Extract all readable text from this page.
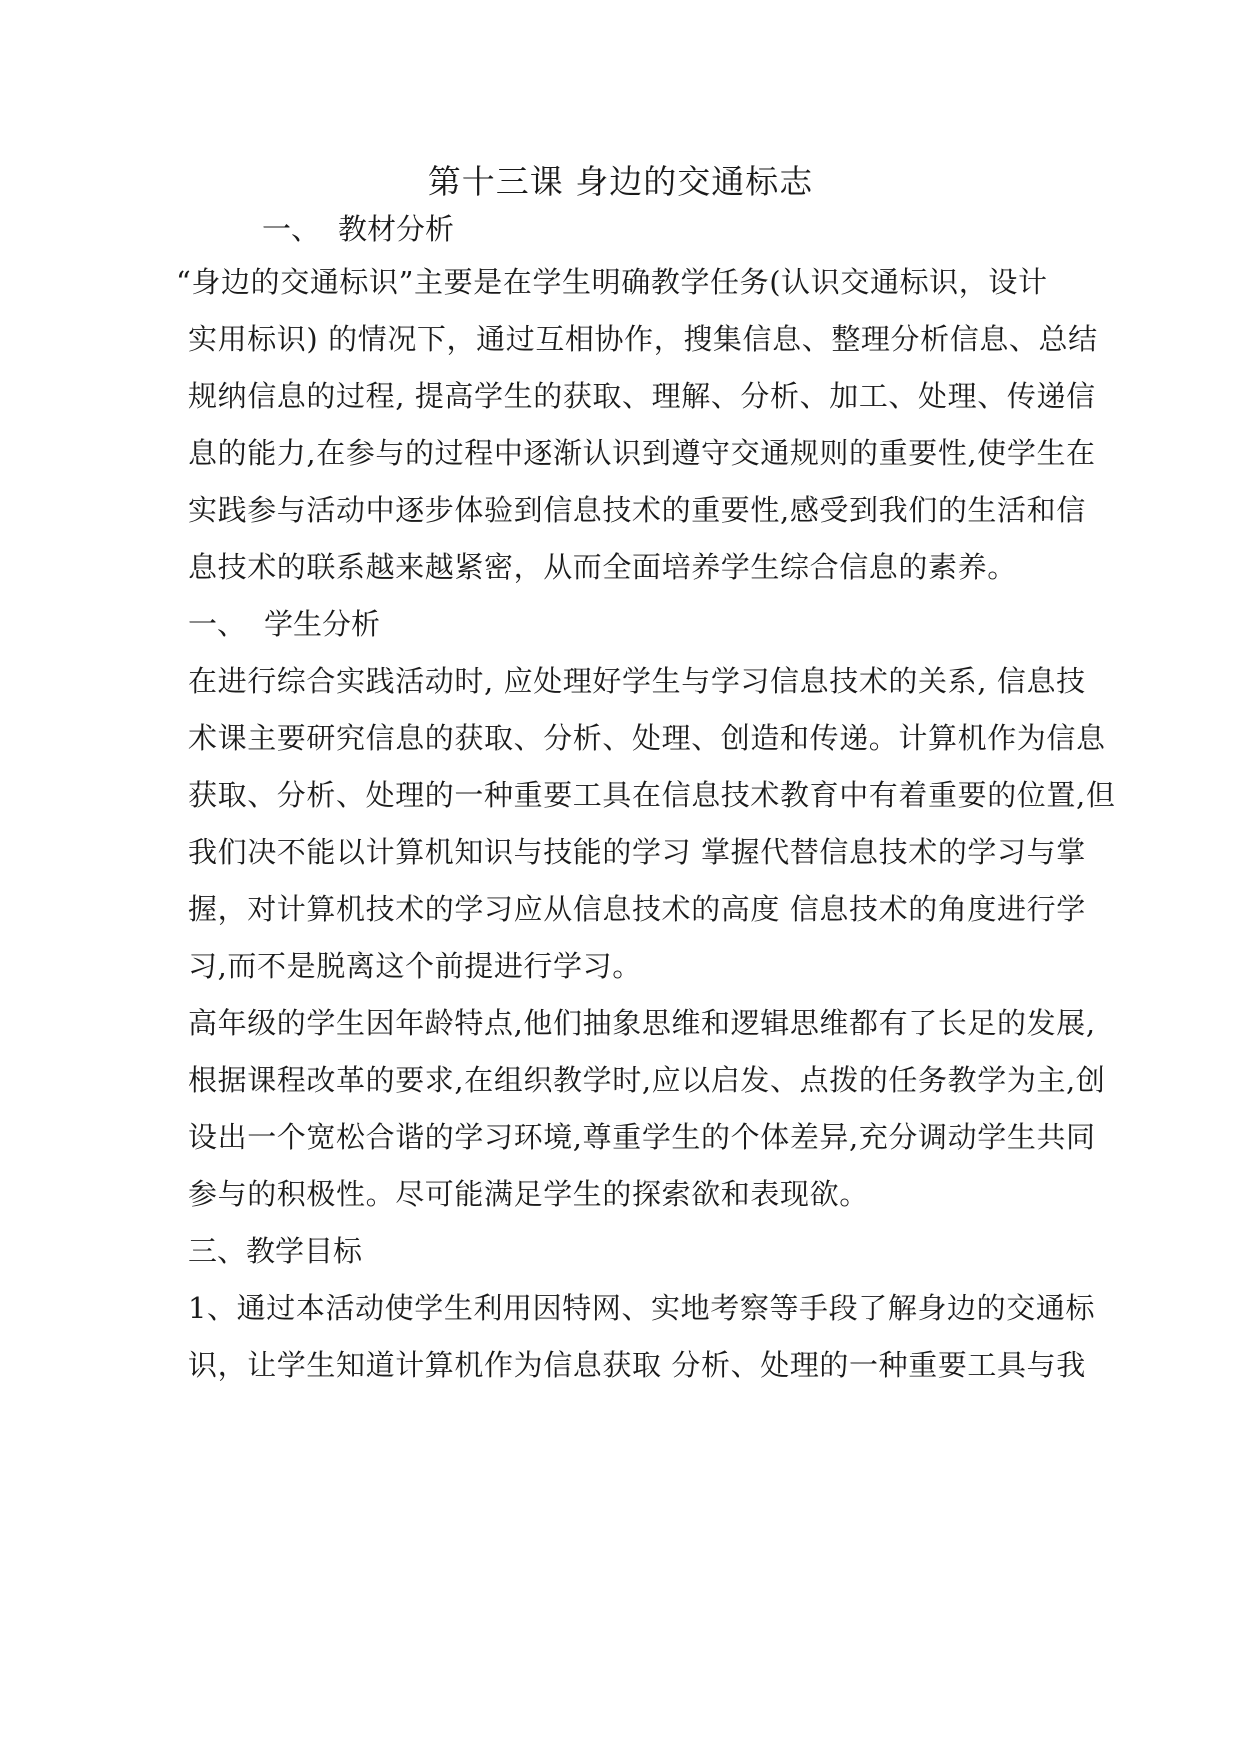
第十三课 身边的交通标志
一、 教材分析
“身边的交通标识”主要是在学生明确教学任务(认识交通标识，设计
实用标识) 的情况下，通过互相协作，搜集信息、整理分析信息、总结
规纳信息的过程, 提高学生的获取、理解、分析、加工、处理、传递信
息的能力,在参与的过程中逐渐认识到遵守交通规则的重要性,使学生在
实践参与活动中逐步体验到信息技术的重要性,感受到我们的生活和信
息技术的联系越来越紧密，从而全面培养学生综合信息的素养。
一、 学生分析
在进行综合实践活动时, 应处理好学生与学习信息技术的关系, 信息技
术课主要研究信息的获取、分析、处理、创造和传递。计算机作为信息
获取、分析、处理的一种重要工具在信息技术教育中有着重要的位置,但
我们决不能以计算机知识与技能的学习 掌握代替信息技术的学习与掌
握，对计算机技术的学习应从信息技术的高度 信息技术的角度进行学
习,而不是脱离这个前提进行学习。
高年级的学生因年龄特点,他们抽象思维和逻辑思维都有了长足的发展,
根据课程改革的要求,在组织教学时,应以启发、点拨的任务教学为主,创
设出一个宽松合谐的学习环境,尊重学生的个体差异,充分调动学生共同
参与的积极性。尽可能满足学生的探索欲和表现欲。
三、教学目标
1、通过本活动使学生利用因特网、实地考察等手段了解身边的交通标
识，让学生知道计算机作为信息获取 分析、处理的一种重要工具与我
